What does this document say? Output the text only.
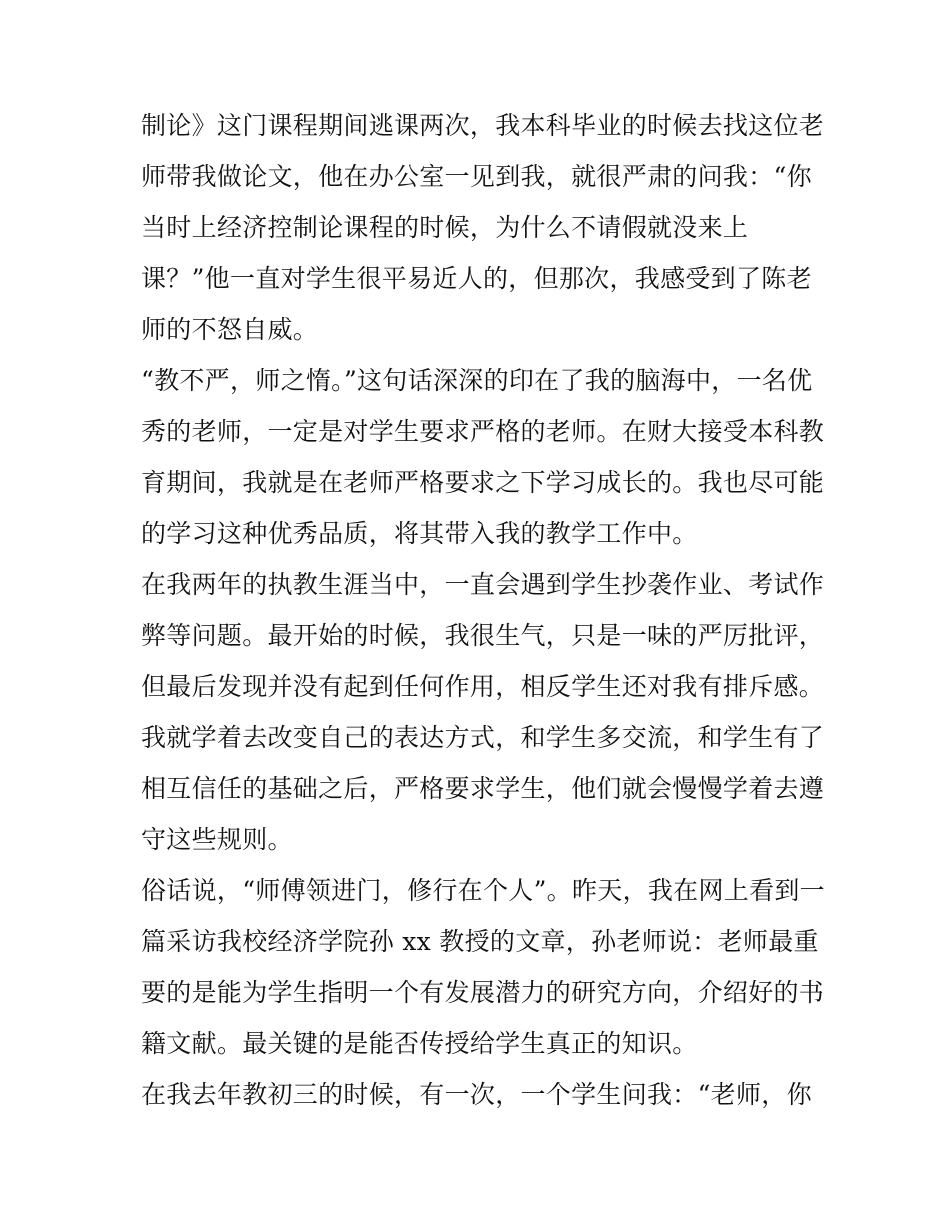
制论》这门课程期间逃课两次，我本科毕业的时候去找这位老
师带我做论文，他在办公室一见到我，就很严肃的问我：“你
当时上经济控制论课程的时候，为什么不请假就没来上
课？”他一直对学生很平易近人的，但那次，我感受到了陈老
师的不怒自威。
“教不严，师之惰。”这句话深深的印在了我的脑海中，一名优
秀的老师，一定是对学生要求严格的老师。在财大接受本科教
育期间，我就是在老师严格要求之下学习成长的。我也尽可能
的学习这种优秀品质，将其带入我的教学工作中。
在我两年的执教生涯当中，一直会遇到学生抄袭作业、考试作
弊等问题。最开始的时候，我很生气，只是一味的严厉批评，
但最后发现并没有起到任何作用，相反学生还对我有排斥感。
我就学着去改变自己的表达方式，和学生多交流，和学生有了
相互信任的基础之后，严格要求学生，他们就会慢慢学着去遵
守这些规则。
俗话说，“师傅领进门，修行在个人”。昨天，我在网上看到一
篇采访我校经济学院孙 xx 教授的文章，孙老师说：老师最重
要的是能为学生指明一个有发展潜力的研究方向，介绍好的书
籍文献。最关键的是能否传授给学生真正的知识。
在我去年教初三的时候，有一次，一个学生问我：“老师，你
